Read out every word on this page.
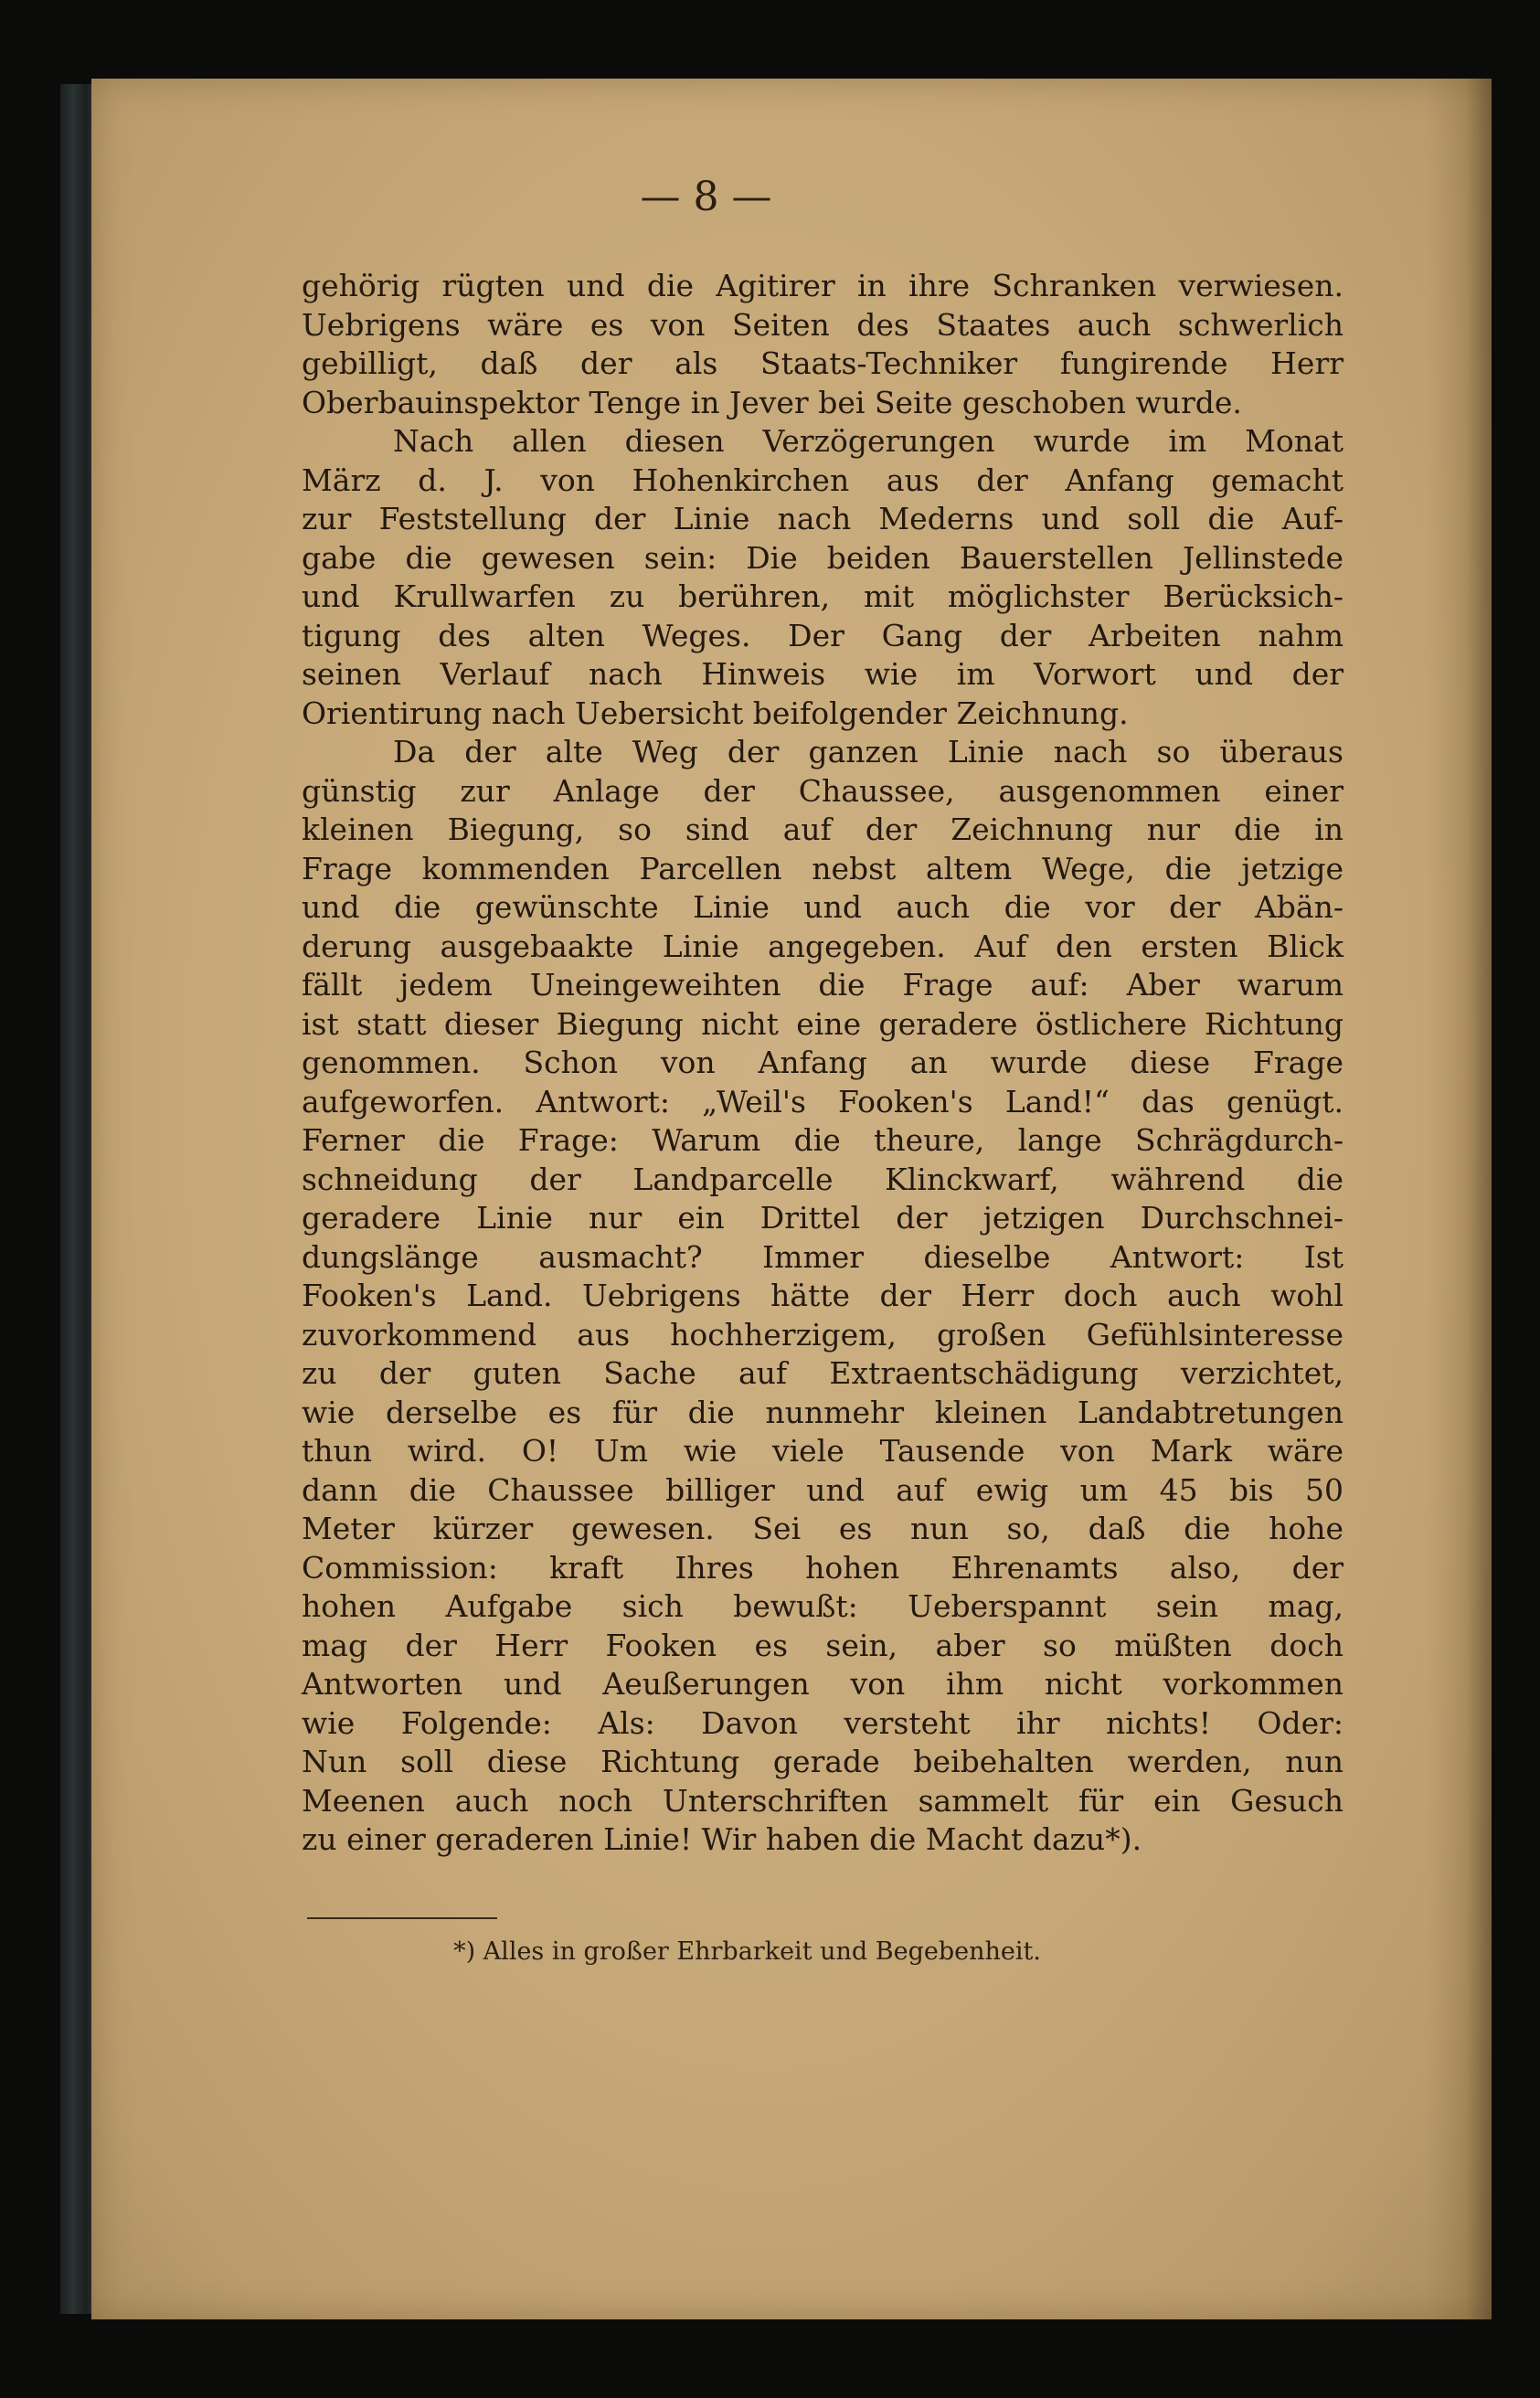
— 8 —
gehörig rügten und die Agitirer in ihre Schranken verwiesen.
Uebrigens wäre es von Seiten des Staates auch schwerlich
gebilligt, daß der als Staats-Techniker fungirende Herr
Oberbauinspektor Tenge in Jever bei Seite geschoben wurde.
Nach allen diesen Verzögerungen wurde im Monat
März d. J. von Hohenkirchen aus der Anfang gemacht
zur Feststellung der Linie nach Mederns und soll die Auf-
gabe die gewesen sein: Die beiden Bauerstellen Jellinstede
und Krullwarfen zu berühren, mit möglichster Berücksich-
tigung des alten Weges. Der Gang der Arbeiten nahm
seinen Verlauf nach Hinweis wie im Vorwort und der
Orientirung nach Uebersicht beifolgender Zeichnung.
Da der alte Weg der ganzen Linie nach so überaus
günstig zur Anlage der Chaussee, ausgenommen einer
kleinen Biegung, so sind auf der Zeichnung nur die in
Frage kommenden Parcellen nebst altem Wege, die jetzige
und die gewünschte Linie und auch die vor der Abän-
derung ausgebaakte Linie angegeben. Auf den ersten Blick
fällt jedem Uneingeweihten die Frage auf: Aber warum
ist statt dieser Biegung nicht eine geradere östlichere Richtung
genommen. Schon von Anfang an wurde diese Frage
aufgeworfen. Antwort: „Weil's Fooken's Land!“ das genügt.
Ferner die Frage: Warum die theure, lange Schrägdurch-
schneidung der Landparcelle Klinckwarf, während die
geradere Linie nur ein Drittel der jetzigen Durchschnei-
dungslänge ausmacht? Immer dieselbe Antwort: Ist
Fooken's Land. Uebrigens hätte der Herr doch auch wohl
zuvorkommend aus hochherzigem, großen Gefühlsinteresse
zu der guten Sache auf Extraentschädigung verzichtet,
wie derselbe es für die nunmehr kleinen Landabtretungen
thun wird. O! Um wie viele Tausende von Mark wäre
dann die Chaussee billiger und auf ewig um 45 bis 50
Meter kürzer gewesen. Sei es nun so, daß die hohe
Commission: kraft Ihres hohen Ehrenamts also, der
hohen Aufgabe sich bewußt: Ueberspannt sein mag,
mag der Herr Fooken es sein, aber so müßten doch
Antworten und Aeußerungen von ihm nicht vorkommen
wie Folgende: Als: Davon versteht ihr nichts! Oder:
Nun soll diese Richtung gerade beibehalten werden, nun
Meenen auch noch Unterschriften sammelt für ein Gesuch
zu einer geraderen Linie! Wir haben die Macht dazu*).
*) Alles in großer Ehrbarkeit und Begebenheit.
